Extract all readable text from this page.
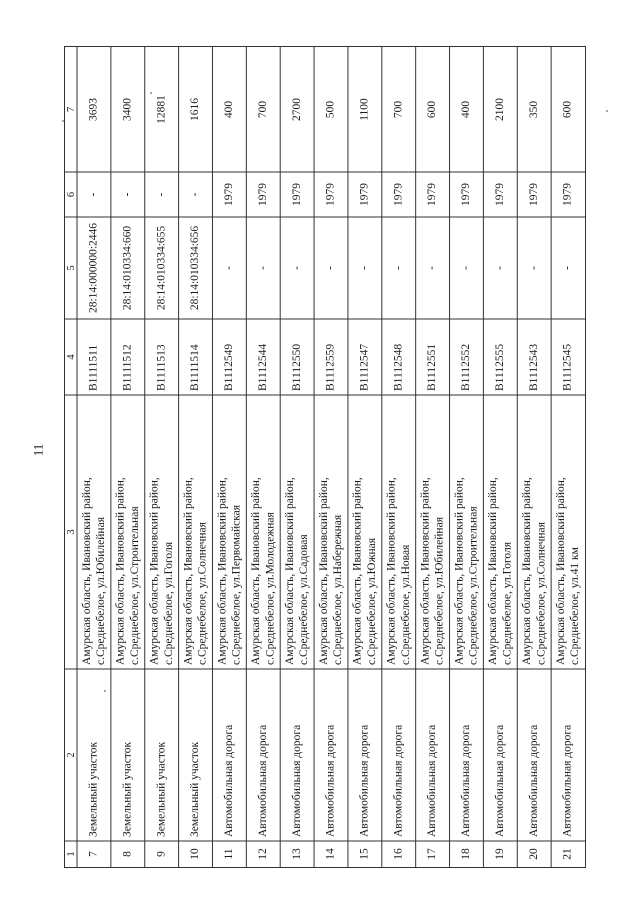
11
1
2
3
4
5
6
7
7
Земельный участок
Амурская область, Ивановский район, с.Среднебелое, ул.Юбилейная
B1111511
28:14:000000:2446
-
3693
8
Земельный участок
Амурская область, Ивановский район, с.Среднебелое, ул.Строительная
B1111512
28:14:010334:660
-
3400
9
Земельный участок
Амурская область, Ивановский район, с.Среднебелое, ул.Гоголя
B1111513
28:14:010334:655
-
12881
10
Земельный участок
Амурская область, Ивановский район, с.Среднебелое, ул.Солнечная
B1111514
28:14:010334:656
-
1616
11
Автомобильная дорога
Амурская область, Ивановский район, с.Среднебелое, ул.Первомайская
B1112549
-
1979
400
12
Автомобильная дорога
Амурская область, Ивановский район, с.Среднебелое, ул.Молодежная
B1112544
-
1979
700
13
Автомобильная дорога
Амурская область, Ивановский район, с.Среднебелое, ул.Садовая
B1112550
-
1979
2700
14
Автомобильная дорога
Амурская область, Ивановский район, с.Среднебелое, ул.Набережная
B1112559
-
1979
500
15
Автомобильная дорога
Амурская область, Ивановский район, с.Среднебелое, ул.Южная
B1112547
-
1979
1100
16
Автомобильная дорога
Амурская область, Ивановский район, с.Среднебелое, ул.Новая
B1112548
-
1979
700
17
Автомобильная дорога
Амурская область, Ивановский район, с.Среднебелое, ул.Юбилейная
B1112551
-
1979
600
18
Автомобильная дорога
Амурская область, Ивановский район, с.Среднебелое, ул.Строительная
B1112552
-
1979
400
19
Автомобильная дорога
Амурская область, Ивановский район, с.Среднебелое, ул.Гоголя
B1112555
-
1979
2100
20
Автомобильная дорога
Амурская область, Ивановский район, с.Среднебелое, ул.Солнечная
B1112543
-
1979
350
21
Автомобильная дорога
Амурская область, Ивановский район, с.Среднебелое, ул.41 км
B1112545
-
1979
600
